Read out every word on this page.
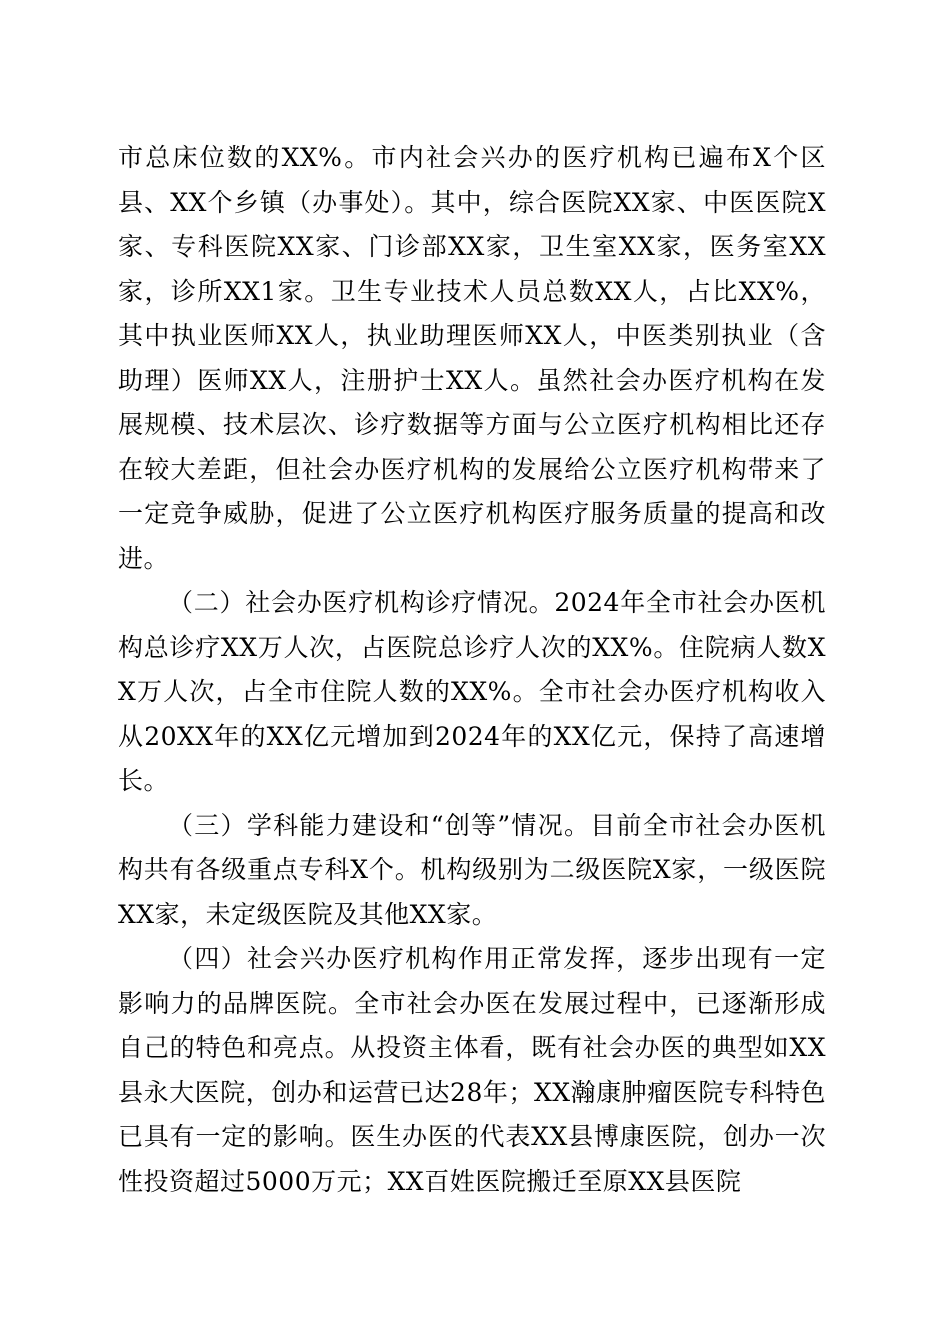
市总床位数的XX%。市内社会兴办的医疗机构已遍布X个区县、XX个乡镇（办事处）。其中，综合医院XX家、中医医院X家、专科医院XX家、门诊部XX家，卫生室XX家，医务室XX家，诊所XX1家。卫生专业技术人员总数XX人，占比XX%，其中执业医师XX人，执业助理医师XX人，中医类别执业（含助理）医师XX人，注册护士XX人。虽然社会办医疗机构在发展规模、技术层次、诊疗数据等方面与公立医疗机构相比还存在较大差距，但社会办医疗机构的发展给公立医疗机构带来了一定竞争威胁，促进了公立医疗机构医疗服务质量的提高和改进。

（二）社会办医疗机构诊疗情况。2024年全市社会办医机构总诊疗XX万人次，占医院总诊疗人次的XX%。住院病人数XX万人次，占全市住院人数的XX%。全市社会办医疗机构收入从20XX年的XX亿元增加到2024年的XX亿元，保持了高速增长。

（三）学科能力建设和“创等”情况。目前全市社会办医机构共有各级重点专科X个。机构级别为二级医院X家，一级医院XX家，未定级医院及其他XX家。

（四）社会兴办医疗机构作用正常发挥，逐步出现有一定影响力的品牌医院。全市社会办医在发展过程中，已逐渐形成自己的特色和亮点。从投资主体看，既有社会办医的典型如XX县永大医院，创办和运营已达28年；XX瀚康肿瘤医院专科特色已具有一定的影响。医生办医的代表XX县博康医院，创办一次性投资超过5000万元；XX百姓医院搬迁至原XX县医院
